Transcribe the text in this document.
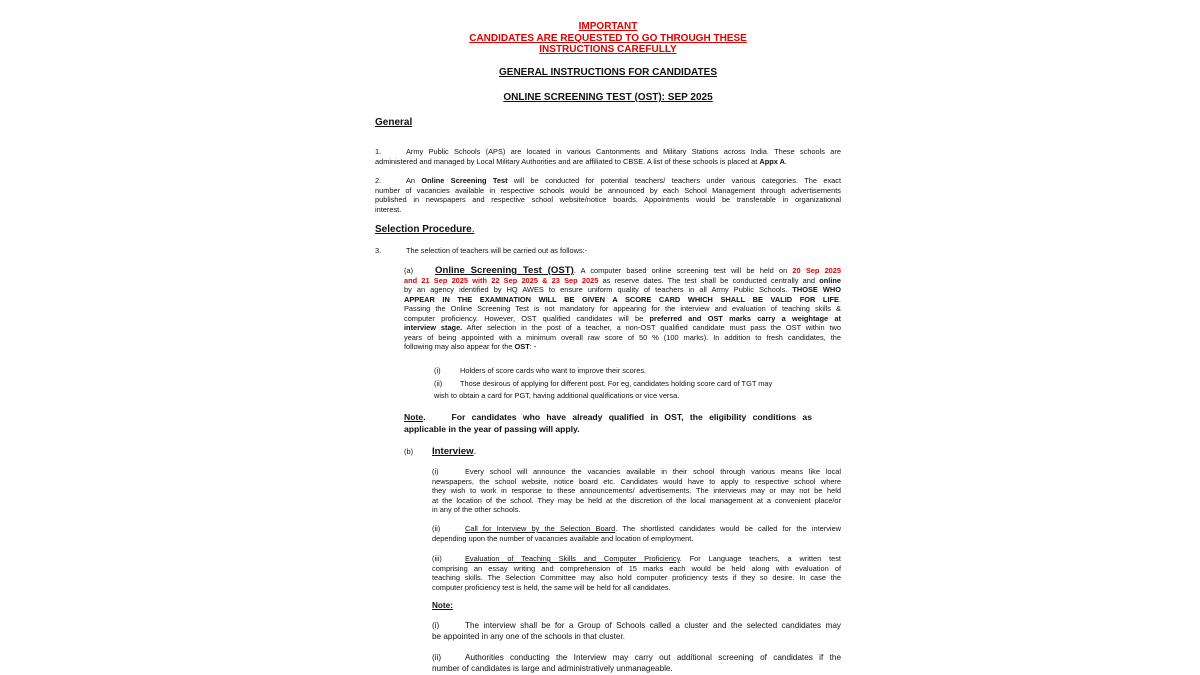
IMPORTANT
CANDIDATES ARE REQUESTED TO GO THROUGH THESE
INSTRUCTIONS CAREFULLY
GENERAL INSTRUCTIONS FOR CANDIDATES
ONLINE SCREENING TEST (OST): SEP 2025
General
1.	Army Public Schools (APS) are located in various Cantonments and Military Stations across India. These schools are
administered and managed by Local Military Authorities and are affiliated to CBSE. A list of these schools is placed at Appx A.
2.	An Online Screening Test will be conducted for potential teachers/ teachers under various categories. The exact
number of vacancies available in respective schools would be announced by each School Management through advertisements
published in newspapers and respective school website/notice boards. Appointments would be transferable in organizational
interest.
Selection Procedure.
3.	The selection of teachers will be carried out as follows:-
(a) Online Screening Test (OST). A computer based online screening test will be held on 20 Sep 2025
and 21 Sep 2025 with 22 Sep 2025 & 23 Sep 2025 as reserve dates. The test shall be conducted centrally and online
by an agency identified by HQ AWES to ensure uniform quality of teachers in all Army Public Schools. THOSE WHO
APPEAR IN THE EXAMINATION WILL BE GIVEN A SCORE CARD WHICH SHALL BE VALID FOR LIFE.
Passing the Online Screening Test is not mandatory for appearing for the interview and evaluation of teaching skills &
computer proficiency. However, OST qualified candidates will be preferred and OST marks carry a weightage at
interview stage. After selection in the post of a teacher, a non-OST qualified candidate must pass the OST within two
years of being appointed with a minimum overall raw score of 50 % (100 marks). In addition to fresh candidates, the
following may also appear for the OST: -
(i)	Holders of score cards who want to improve their scores.
(ii) Those desirous of applying for different post. For eg, candidates holding score card of TGT may
wish to obtain a card for PGT, having additional qualifications or vice versa.
Note.	For candidates who have already qualified in OST, the eligibility conditions as
applicable in the year of passing will apply.
(b) Interview.
(i)	Every school will announce the vacancies available in their school through various means like local
newspapers, the school website, notice board etc. Candidates would have to apply to respective school where
they wish to work in response to these announcements/ advertisements. The interviews may or may not be held
at the location of the school. They may be held at the discretion of the local management at a convenient place/or
in any of the other schools.
(ii)	Call for Interview by the Selection Board. The shortlisted candidates would be called for the interview
depending upon the number of vacancies available and location of employment.
(iii)	Evaluation of Teaching Skills and Computer Proficiency. For Language teachers, a written test
comprising an essay writing and comprehension of 15 marks each would be held along with evaluation of
teaching skills. The Selection Committee may also hold computer proficiency tests if they so desire. In case the
computer proficiency test is held, the same will be held for all candidates.
Note:
(i)	The interview shall be for a Group of Schools called a cluster and the selected candidates may
be appointed in any one of the schools in that cluster.
(ii)	Authorities conducting the Interview may carry out additional screening of candidates if the
number of candidates is large and administratively unmanageable.
